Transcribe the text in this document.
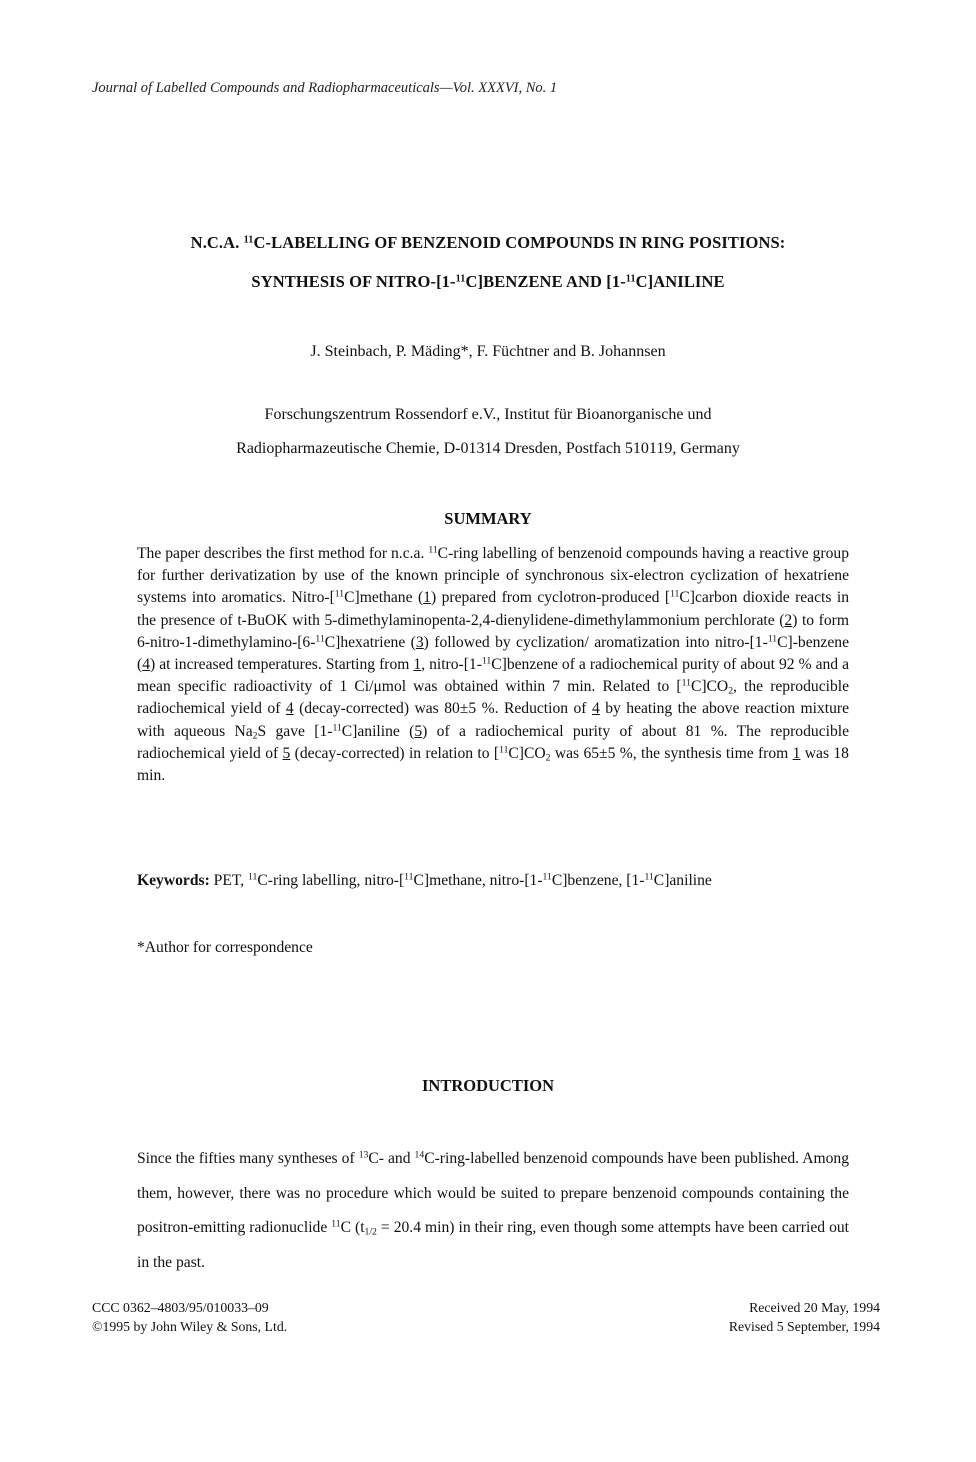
Journal of Labelled Compounds and Radiopharmaceuticals—Vol. XXXVI, No. 1
N.C.A. $^{11}$C-LABELLING OF BENZENOID COMPOUNDS IN RING POSITIONS:
SYNTHESIS OF NITRO-[1-$^{11}$C]BENZENE AND [1-$^{11}$C]ANILINE
J. Steinbach, P. Mäding*, F. Füchtner and B. Johannsen
Forschungszentrum Rossendorf e.V., Institut für Bioanorganische und
Radiopharmazeutische Chemie, D-01314 Dresden, Postfach 510119, Germany
SUMMARY
The paper describes the first method for n.c.a. $^{11}$C-ring labelling of benzenoid compounds having a reactive group for further derivatization by use of the known principle of synchronous six-electron cyclization of hexatriene systems into aromatics. Nitro-[$^{11}$C]methane (1) prepared from cyclotron-produced [$^{11}$C]carbon dioxide reacts in the presence of t-BuOK with 5-dimethylaminopenta-2,4-dienylidene-dimethylammonium perchlorate (2) to form 6-nitro-1-dimethylamino-[6-$^{11}$C]hexatriene (3) followed by cyclization/ aromatization into nitro-[1-$^{11}$C]-benzene (4) at increased temperatures. Starting from 1, nitro-[1-$^{11}$C]benzene of a radiochemical purity of about 92 % and a mean specific radioactivity of 1 Ci/μmol was obtained within 7 min. Related to $[^{11}C]CO_2$, the reproducible radiochemical yield of 4 (decay-corrected) was 80±5 %. Reduction of 4 by heating the above reaction mixture with aqueous $Na_2S$ gave [1-$^{11}$C]aniline (5) of a radiochemical purity of about 81 %. The reproducible radiochemical yield of 5 (decay-corrected) in relation to $[^{11}C]CO_2$ was 65±5 %, the synthesis time from 1 was 18 min.
Keywords: PET, $^{11}$C-ring labelling, nitro-[$^{11}$C]methane, nitro-[1-$^{11}$C]benzene, [1-$^{11}$C]aniline
*Author for correspondence
INTRODUCTION
Since the fifties many syntheses of $^{13}$C- and $^{14}$C-ring-labelled benzenoid compounds have been published. Among them, however, there was no procedure which would be suited to prepare benzenoid compounds containing the positron-emitting radionuclide $^{11}$C ($t_{1/2} = 20.4$ min) in their ring, even though some attempts have been carried out in the past.
CCC 0362–4803/95/010033–09
©1995 by John Wiley & Sons, Ltd.
Received 20 May, 1994
Revised 5 September, 1994
